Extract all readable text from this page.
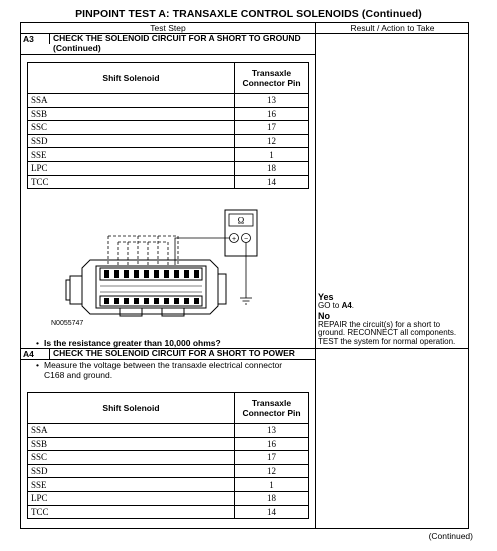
PINPOINT TEST A: TRANSAXLE CONTROL SOLENOIDS (Continued)
Test Step	Result / Action to Take
A3 CHECK THE SOLENOID CIRCUIT FOR A SHORT TO GROUND (Continued)
Shift Solenoid	Transaxle Connector Pin
SSA	13
SSB	16
SSC	17
SSD	12
SSE	1
LPC	18
TCC	14
Ω
+ −
N0055747
• Is the resistance greater than 10,000 ohms?
Yes
GO to A4.
No
REPAIR the circuit(s) for a short to
ground. RECONNECT all components.
TEST the system for normal operation.
A4 CHECK THE SOLENOID CIRCUIT FOR A SHORT TO POWER
• Measure the voltage between the transaxle electrical connector
C168 and ground.
Shift Solenoid	Transaxle Connector Pin
SSA	13
SSB	16
SSC	17
SSD	12
SSE	1
LPC	18
TCC	14
(Continued)
